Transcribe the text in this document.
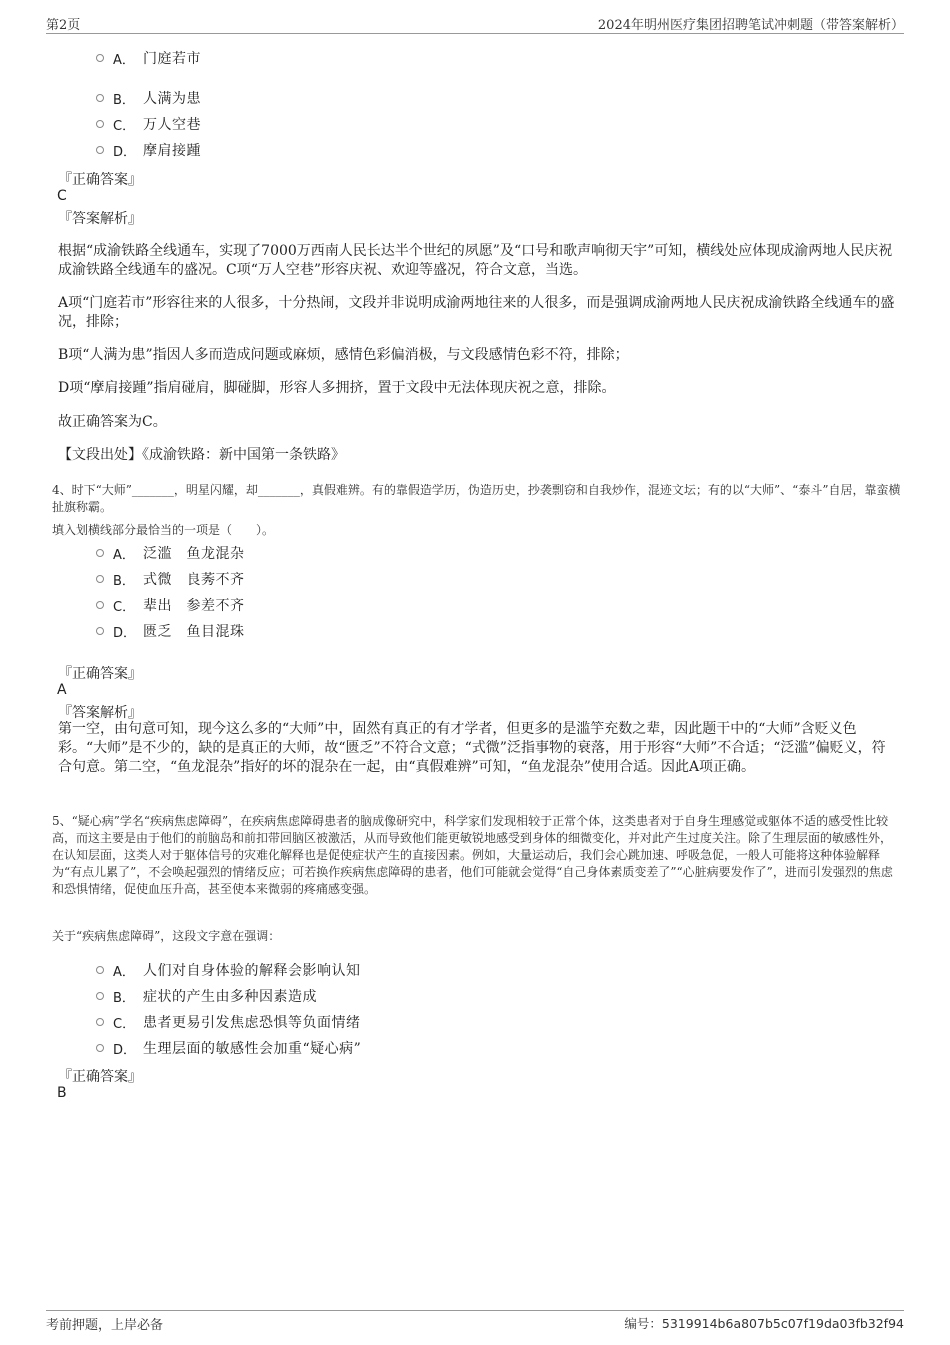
第2页	2024年明州医疗集团招聘笔试冲刺题（带答案解析）
A． 门庭若市
B． 人满为患
C． 万人空巷
D． 摩肩接踵
『正确答案』
C
『答案解析』
根据“成渝铁路全线通车，实现了7000万西南人民长达半个世纪的夙愿”及“口号和歌声响彻天宇”可知，横线处应体现成渝两地人民庆祝成渝铁路全线通车的盛况。C项“万人空巷”形容庆祝、欢迎等盛况，符合文意，当选。
A项“门庭若市”形容往来的人很多，十分热闹，文段并非说明成渝两地往来的人很多，而是强调成渝两地人民庆祝成渝铁路全线通车的盛况，排除；
B项“人满为患”指因人多而造成问题或麻烦，感情色彩偏消极，与文段感情色彩不符，排除；
D项“摩肩接踵”指肩碰肩，脚碰脚，形容人多拥挤，置于文段中无法体现庆祝之意，排除。
故正确答案为C。
【文段出处】《成渝铁路：新中国第一条铁路》
4、时下“大师”_______，明星闪耀，却_______，真假难辨。有的靠假造学历，伪造历史，抄袭剽窃和自我炒作，混迹文坛；有的以“大师”、“泰斗”自居，靠蛮横扯旗称霸。
填入划横线部分最恰当的一项是（　　）。
A． 泛滥　鱼龙混杂
B． 式微　良莠不齐
C． 辈出　参差不齐
D． 匮乏　鱼目混珠
『正确答案』
A
『答案解析』
第一空，由句意可知，现今这么多的“大师”中，固然有真正的有才学者，但更多的是滥竽充数之辈，因此题干中的“大师”含贬义色彩。“大师”是不少的，缺的是真正的大师，故“匮乏”不符合文意；“式微”泛指事物的衰落，用于形容“大师”不合适；“泛滥”偏贬义，符合句意。第二空，“鱼龙混杂”指好的坏的混杂在一起，由“真假难辨”可知，“鱼龙混杂”使用合适。因此A项正确。
5、“疑心病”学名“疾病焦虑障碍”，在疾病焦虑障碍患者的脑成像研究中，科学家们发现相较于正常个体，这类患者对于自身生理感觉或躯体不适的感受性比较高，而这主要是由于他们的前脑岛和前扣带回脑区被激活，从而导致他们能更敏锐地感受到身体的细微变化，并对此产生过度关注。除了生理层面的敏感性外，在认知层面，这类人对于躯体信号的灾难化解释也是促使症状产生的直接因素。例如，大量运动后，我们会心跳加速、呼吸急促，一般人可能将这种体验解释为“有点儿累了”，不会唤起强烈的情绪反应；可若换作疾病焦虑障碍的患者，他们可能就会觉得“自己身体素质变差了”“心脏病要发作了”，进而引发强烈的焦虑和恐惧情绪，促使血压升高，甚至使本来微弱的疼痛感变强。
关于“疾病焦虑障碍”，这段文字意在强调：
A． 人们对自身体验的解释会影响认知
B． 症状的产生由多种因素造成
C． 患者更易引发焦虑恐惧等负面情绪
D． 生理层面的敏感性会加重“疑心病”
『正确答案』
B
考前押题，上岸必备	编号：5319914b6a807b5c07f19da03fb32f94
